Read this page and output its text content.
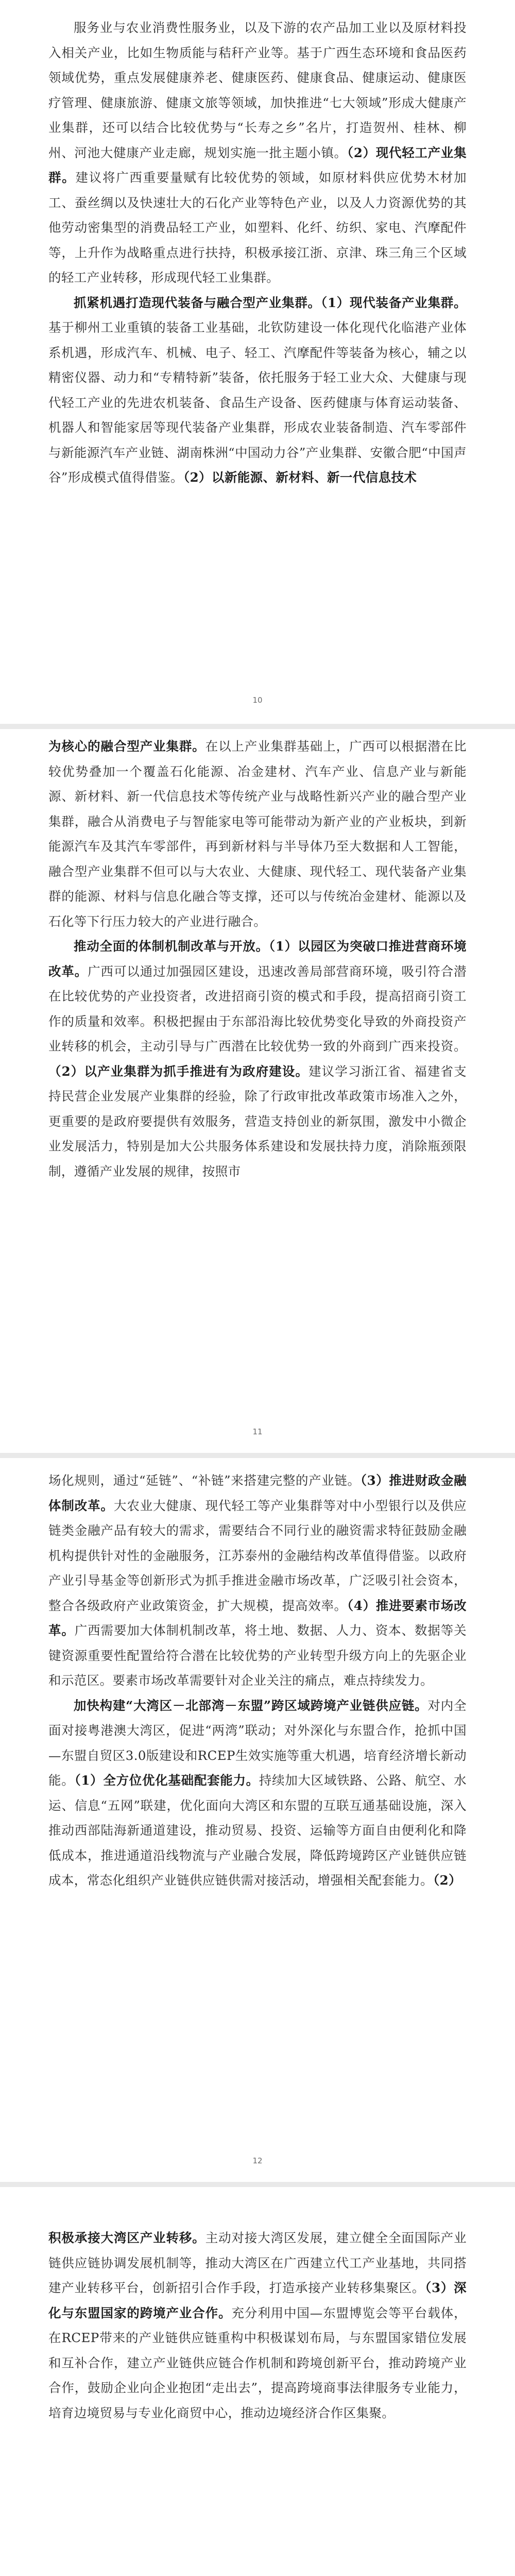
服务业与农业消费性服务业，以及下游的农产品加工业以及原材料投入相关产业，比如生物质能与秸秆产业等。基于广西生态环境和食品医药领域优势，重点发展健康养老、健康医药、健康食品、健康运动、健康医疗管理、健康旅游、健康文旅等领域，加快推进“七大领域”形成大健康产业集群，还可以结合比较优势与“长寿之乡”名片，打造贺州、桂林、柳州、河池大健康产业走廊，规划实施一批主题小镇。（2）现代轻工产业集群。建议将广西重要量赋有比较优势的领域，如原材料供应优势木材加工、蚕丝绸以及快速壮大的石化产业等特色产业，以及人力资源优势的其他劳动密集型的消费品轻工产业，如塑料、化纤、纺织、家电、汽摩配件等，上升作为战略重点进行扶持，积极承接江浙、京津、珠三角三个区域的轻工产业转移，形成现代轻工业集群。

抓紧机遇打造现代装备与融合型产业集群。（1）现代装备产业集群。基于柳州工业重镇的装备工业基础，北钦防建设一体化现代化临港产业体系机遇，形成汽车、机械、电子、轻工、汽摩配件等装备为核心，辅之以精密仪器、动力和“专精特新”装备，依托服务于轻工业大众、大健康与现代轻工产业的先进农机装备、食品生产设备、医药健康与体育运动装备、机器人和智能家居等现代装备产业集群，形成农业装备制造、汽车零部件与新能源汽车产业链、湖南株洲“中国动力谷”产业集群、安徽合肥“中国声谷”形成模式值得借鉴。（2）以新能源、新材料、新一代信息技术

10

为核心的融合型产业集群。在以上产业集群基础上，广西可以根据潜在比较优势叠加一个覆盖石化能源、冶金建材、汽车产业、信息产业与新能源、新材料、新一代信息技术等传统产业与战略性新兴产业的融合型产业集群，融合从消费电子与智能家电等可能带动为新产业的产业板块，到新能源汽车及其汽车零部件，再到新材料与半导体乃至大数据和人工智能，融合型产业集群不但可以与大农业、大健康、现代轻工、现代装备产业集群的能源、材料与信息化融合等支撑，还可以与传统冶金建材、能源以及石化等下行压力较大的产业进行融合。

推动全面的体制机制改革与开放。（1）以园区为突破口推进营商环境改革。广西可以通过加强园区建设，迅速改善局部营商环境，吸引符合潜在比较优势的产业投资者，改进招商引资的模式和手段，提高招商引资工作的质量和效率。积极把握由于东部沿海比较优势变化导致的外商投资产业转移的机会，主动引导与广西潜在比较优势一致的外商到广西来投资。（2）以产业集群为抓手推进有为政府建设。建议学习浙江省、福建省支持民营企业发展产业集群的经验，除了行政审批改革政策市场准入之外，更重要的是政府要提供有效服务，营造支持创业的新氛围，激发中小微企业发展活力，特别是加大公共服务体系建设和发展扶持力度，消除瓶颈限制，遵循产业发展的规律，按照市

11

场化规则，通过“延链”、“补链”来搭建完整的产业链。（3）推进财政金融体制改革。大农业大健康、现代轻工等产业集群等对中小型银行以及供应链类金融产品有较大的需求，需要结合不同行业的融资需求特征鼓励金融机构提供针对性的金融服务，江苏泰州的金融结构改革值得借鉴。以政府产业引导基金等创新形式为抓手推进金融市场改革，广泛吸引社会资本，整合各级政府产业政策资金，扩大规模，提高效率。（4）推进要素市场改革。广西需要加大体制机制改革，将土地、数据、人力、资本、数据等关键资源重要性配置给符合潜在比较优势的产业转型升级方向上的先驱企业和示范区。要素市场改革需要针对企业关注的痛点，难点持续发力。

加快构建“大湾区－北部湾－东盟”跨区域跨境产业链供应链。对内全面对接粤港澳大湾区，促进“两湾”联动；对外深化与东盟合作，抢抓中国—东盟自贸区3.0版建设和RCEP生效实施等重大机遇，培育经济增长新动能。（1）全方位优化基础配套能力。持续加大区域铁路、公路、航空、水运、信息“五网”联建，优化面向大湾区和东盟的互联互通基础设施，深入推动西部陆海新通道建设，推动贸易、投资、运输等方面自由便利化和降低成本，推进通道沿线物流与产业融合发展，降低跨境跨区产业链供应链成本，常态化组织产业链供应链供需对接活动，增强相关配套能力。（2）

12

积极承接大湾区产业转移。主动对接大湾区发展，建立健全全面国际产业链供应链协调发展机制等，推动大湾区在广西建立代工产业基地，共同搭建产业转移平台，创新招引合作手段，打造承接产业转移集聚区。（3）深化与东盟国家的跨境产业合作。充分利用中国—东盟博览会等平台载体，在RCEP带来的产业链供应链重构中积极谋划布局，与东盟国家错位发展和互补合作，建立产业链供应链合作机制和跨境创新平台，推动跨境产业合作，鼓励企业向企业抱团“走出去”，提高跨境商事法律服务专业能力，培育边境贸易与专业化商贸中心，推动边境经济合作区集聚。
